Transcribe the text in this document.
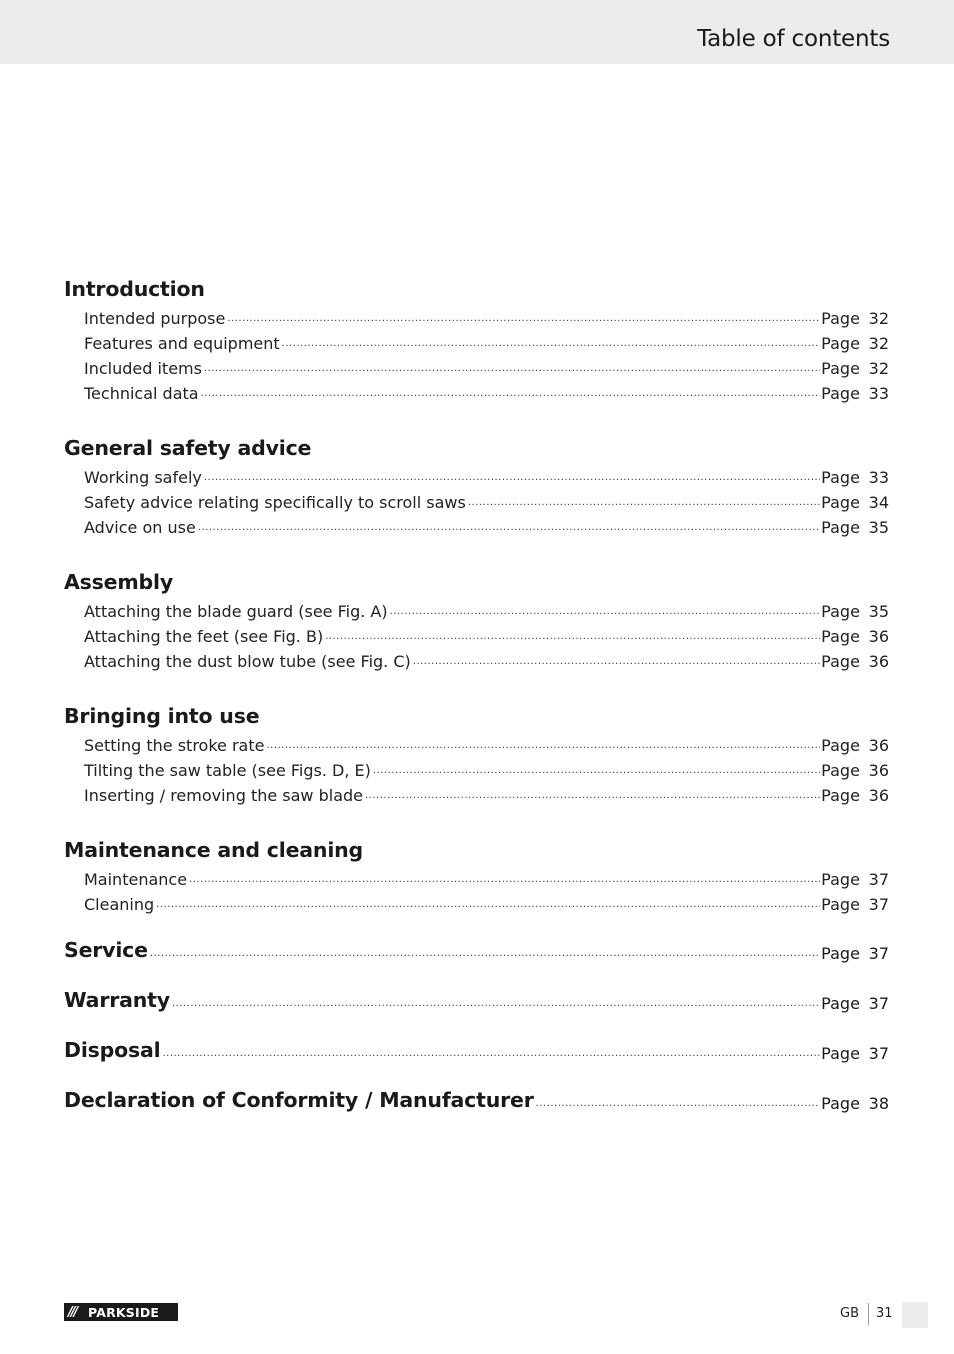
Table of contents
Introduction
Intended purpose .....	Page 32
Features and equipment .....	Page 32
Included items .....	Page 32
Technical data .....	Page 33
General safety advice
Working safely .....	Page 33
Safety advice relating specifically to scroll saws .....	Page 34
Advice on use .....	Page 35
Assembly
Attaching the blade guard (see Fig. A) .....	Page 35
Attaching the feet (see Fig. B) .....	Page 36
Attaching the dust blow tube (see Fig. C) .....	Page 36
Bringing into use
Setting the stroke rate .....	Page 36
Tilting the saw table (see Figs. D, E) .....	Page 36
Inserting / removing the saw blade .....	Page 36
Maintenance and cleaning
Maintenance .....	Page 37
Cleaning .....	Page 37
Service .....	Page 37
Warranty .....	Page 37
Disposal .....	Page 37
Declaration of Conformity / Manufacturer .....	Page 38
/// PARKSIDE	GB 31
